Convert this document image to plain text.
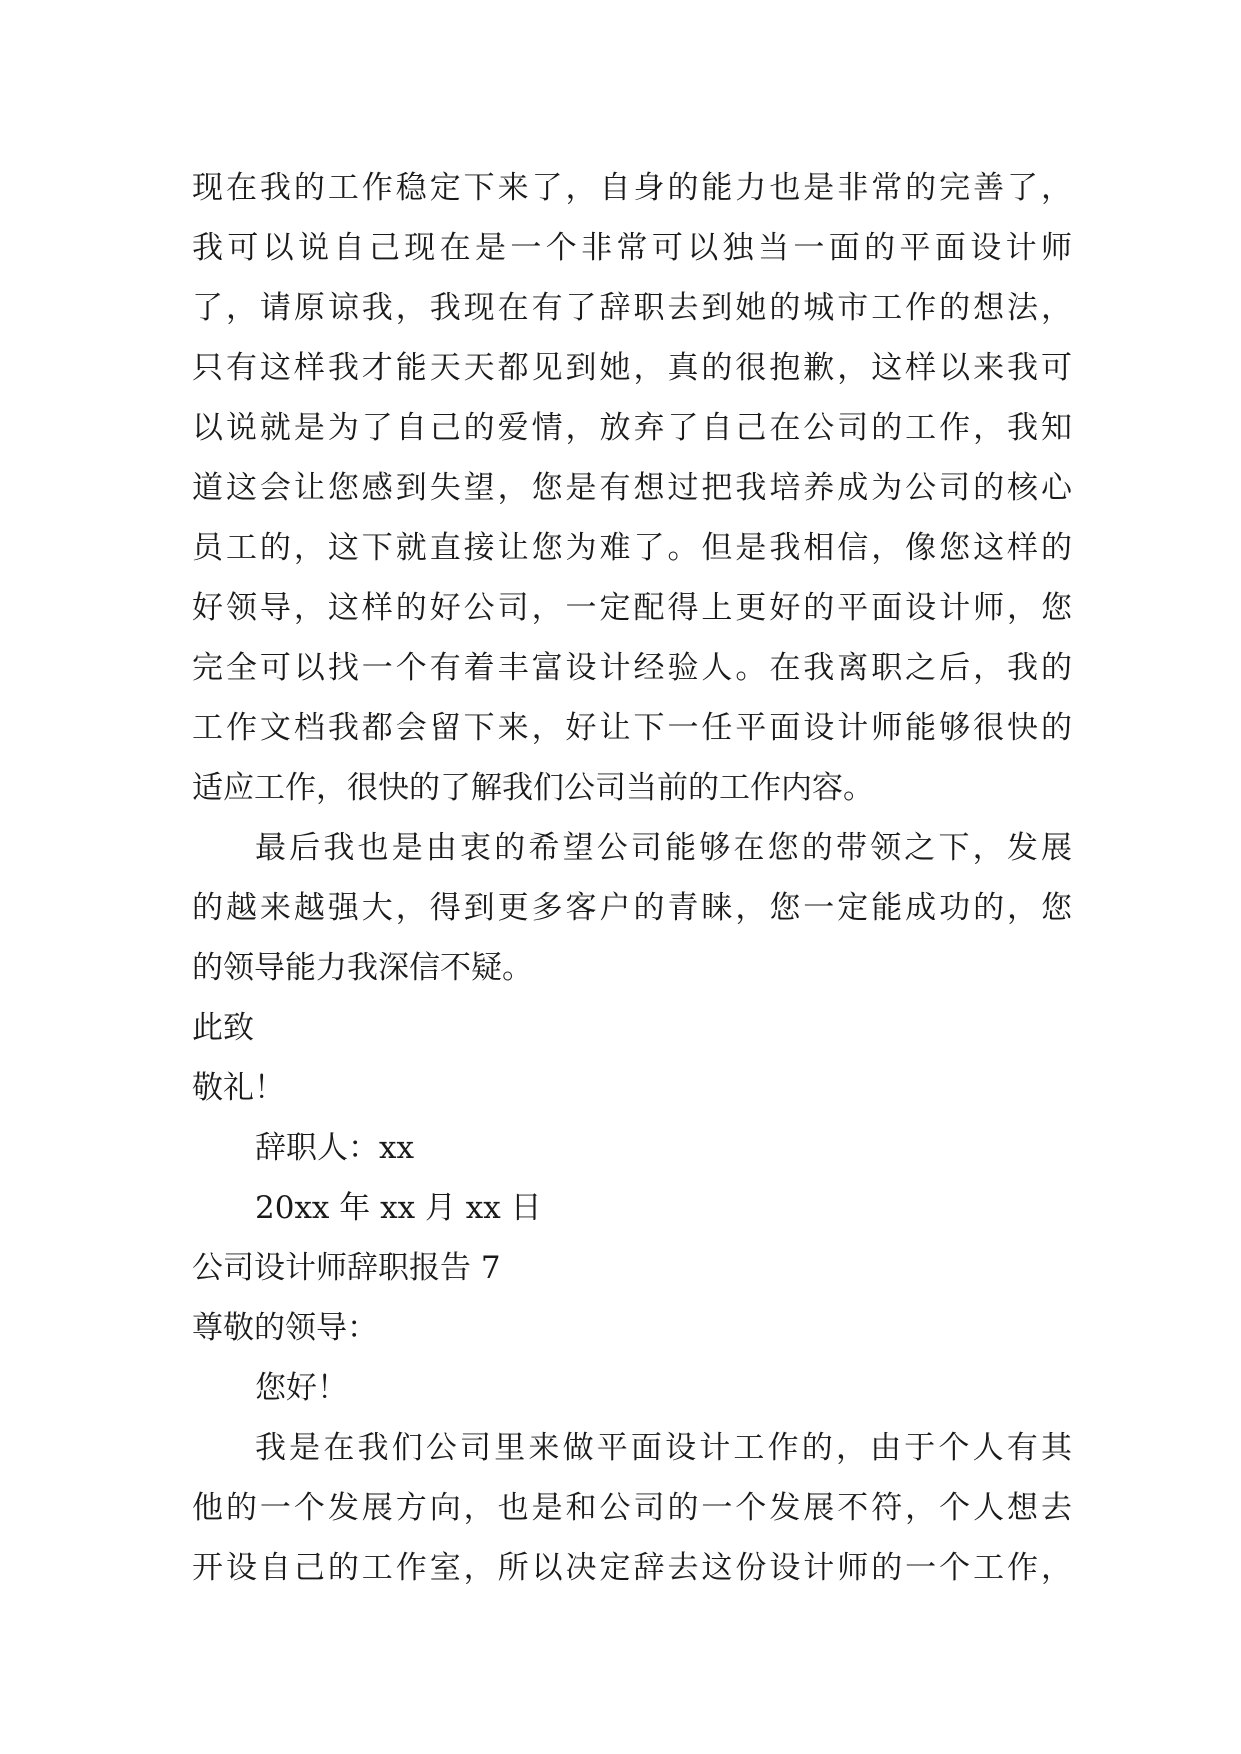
现在我的工作稳定下来了，自身的能力也是非常的完善了，
我可以说自己现在是一个非常可以独当一面的平面设计师
了，请原谅我，我现在有了辞职去到她的城市工作的想法，
只有这样我才能天天都见到她，真的很抱歉，这样以来我可
以说就是为了自己的爱情，放弃了自己在公司的工作，我知
道这会让您感到失望，您是有想过把我培养成为公司的核心
员工的，这下就直接让您为难了。但是我相信，像您这样的
好领导，这样的好公司，一定配得上更好的平面设计师，您
完全可以找一个有着丰富设计经验人。在我离职之后，我的
工作文档我都会留下来，好让下一任平面设计师能够很快的
适应工作，很快的了解我们公司当前的工作内容。
最后我也是由衷的希望公司能够在您的带领之下，发展
的越来越强大，得到更多客户的青睐，您一定能成功的，您
的领导能力我深信不疑。
此致
敬礼！
辞职人：xx
20xx 年 xx 月 xx 日
公司设计师辞职报告 7
尊敬的领导：
您好！
我是在我们公司里来做平面设计工作的，由于个人有其
他的一个发展方向，也是和公司的一个发展不符，个人想去
开设自己的工作室，所以决定辞去这份设计师的一个工作，
